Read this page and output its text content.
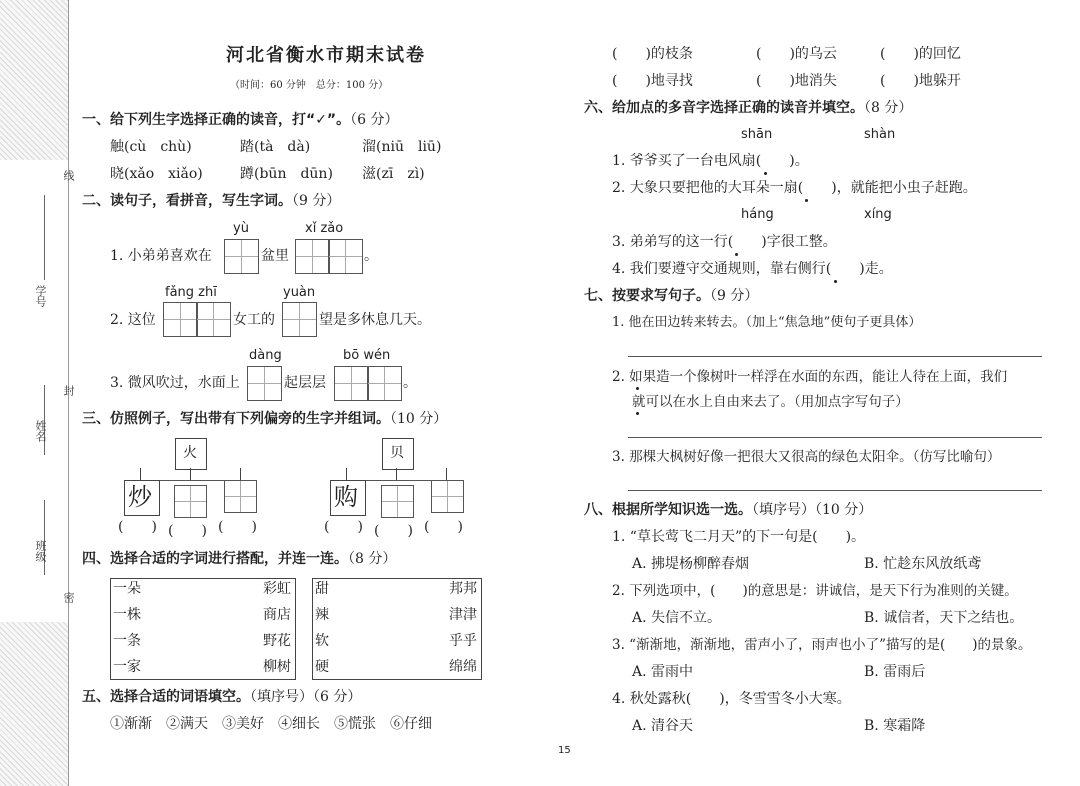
线
学号
封
姓名
班级
密
河北省衡水市期末试卷
（时间：60 分钟　总分：100 分）
一、给下列生字选择正确的读音，打“✓”。（6 分）
触(cù　chù)	踏(tà　dà)	溜(niū　liū)
晓(xǎo　xiǎo)	蹲(būn　dūn) 滋(zī　zì)
二、读句子，看拼音，写生字词。（9 分）
yù	xǐ zǎo
1. 小弟弟喜欢在	盆里	。
fǎng zhī	yuàn
2. 这位	女工的	望是多休息几天。
dàng	bō wén
3. 微风吹过，水面上	起层层	。
三、仿照例子，写出带有下列偏旁的生字并组词。（10 分）
火
炒
(　　) (　　) (　　)
贝
购
(　　) (　　) (　　)
四、选择合适的字词进行搭配，并连一连。（8 分）
一朵	彩虹
一株	商店
一条	野花
一家	柳树
甜	邦邦
辣	津津
软	乎乎
硬	绵绵
五、选择合适的词语填空。（填序号）（6 分）
①渐渐　②满天　③美好　④细长　⑤慌张　⑥仔细
(　　)的枝条	(　　)的乌云	(　　)的回忆
(　　)地寻找	(　　)地消失	(　　)地躲开
六、给加点的多音字选择正确的读音并填空。（8 分）
shān	shàn
1. 爷爷买了一台电风扇(　　)。
2. 大象只要把他的大耳朵一扇(　　)，就能把小虫子赶跑。
háng	xíng
3. 弟弟写的这一行(　　)字很工整。
4. 我们要遵守交通规则，靠右侧行(　　)走。
七、按要求写句子。（9 分）
1. 他在田边转来转去。（加上“焦急地”使句子更具体）
2. 如果造一个像树叶一样浮在水面的东西，能让人待在上面，我们
就可以在水上自由来去了。（用加点字写句子）
3. 那棵大枫树好像一把很大又很高的绿色太阳伞。（仿写比喻句）
八、根据所学知识选一选。（填序号）（10 分）
1. “草长莺飞二月天”的下一句是(　　)。
A. 拂堤杨柳醉春烟	B. 忙趁东风放纸鸢
2. 下列选项中，(　　)的意思是：讲诚信，是天下行为准则的关键。
A. 失信不立。	B. 诚信者，天下之结也。
3. “渐渐地，渐渐地，雷声小了，雨声也小了”描写的是(　　)的景象。
A. 雷雨中	B. 雷雨后
4. 秋处露秋(　　)，冬雪雪冬小大寒。
A. 清谷天	B. 寒霜降
15
